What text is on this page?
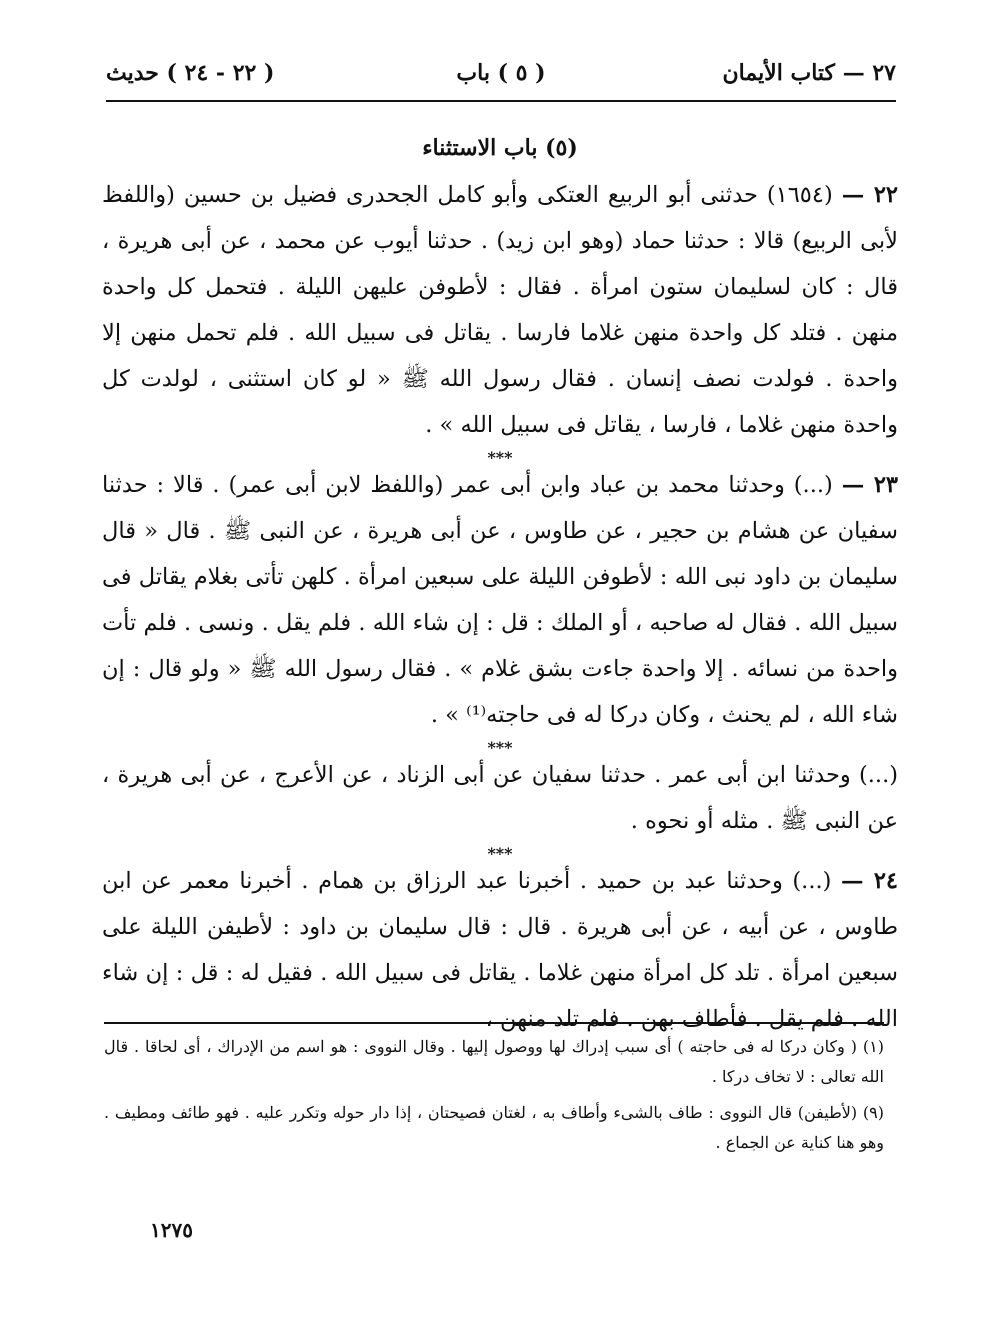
٢٧ — كتاب الأيمان
( ٥ ) باب
( ٢٢ - ٢٤ ) حديث
(٥) باب الاستثناء

٢٢ — (١٦٥٤) حدثنى أبو الربيع العتكى وأبو كامل الجحدرى فضيل بن حسين (واللفظ لأبى الربيع) قالا : حدثنا حماد (وهو ابن زيد) . حدثنا أيوب عن محمد ، عن أبى هريرة ، قال : كان لسليمان ستون امرأة . فقال : لأطوفن عليهن الليلة . فتحمل كل واحدة منهن . فتلد كل واحدة منهن غلاما فارسا . يقاتل فى سبيل الله . فلم تحمل منهن إلا واحدة . فولدت نصف إنسان . فقال رسول الله ﷺ « لو كان استثنى ، لولدت كل واحدة منهن غلاما ، فارسا ، يقاتل فى سبيل الله » .

***

٢٣ — (...) وحدثنا محمد بن عباد وابن أبى عمر (واللفظ لابن أبى عمر) . قالا : حدثنا سفيان عن هشام بن حجير ، عن طاوس ، عن أبى هريرة ، عن النبى ﷺ . قال « قال سليمان بن داود نبى الله : لأطوفن الليلة على سبعين امرأة . كلهن تأتى بغلام يقاتل فى سبيل الله . فقال له صاحبه ، أو الملك : قل : إن شاء الله . فلم يقل . ونسى . فلم تأت واحدة من نسائه . إلا واحدة جاءت بشق غلام » . فقال رسول الله ﷺ « ولو قال : إن شاء الله ، لم يحنث ، وكان دركا له فى حاجته⁽¹⁾ » .

***

(...) وحدثنا ابن أبى عمر . حدثنا سفيان عن أبى الزناد ، عن الأعرج ، عن أبى هريرة ، عن النبى ﷺ . مثله أو نحوه .

***

٢٤ — (...) وحدثنا عبد بن حميد . أخبرنا عبد الرزاق بن همام . أخبرنا معمر عن ابن طاوس ، عن أبيه ، عن أبى هريرة . قال : قال سليمان بن داود : لأطيفن الليلة على سبعين امرأة . تلد كل امرأة منهن غلاما . يقاتل فى سبيل الله . فقيل له : قل : إن شاء الله . فلم يقل . فأطاف بهن . فلم تلد منهن ،

(١) ( وكان دركا له فى حاجته ) أى سبب إدراك لها ووصول إليها . وقال النووى : هو اسم من الإدراك ، أى لحاقا . قال الله تعالى : لا تخاف دركا .

(٩) (لأطيفن) قال النووى : طاف بالشىء وأطاف به ، لغتان فصيحتان ، إذا دار حوله وتكرر عليه . فهو طائف ومطيف . وهو هنا كناية عن الجماع .

١٢٧٥
